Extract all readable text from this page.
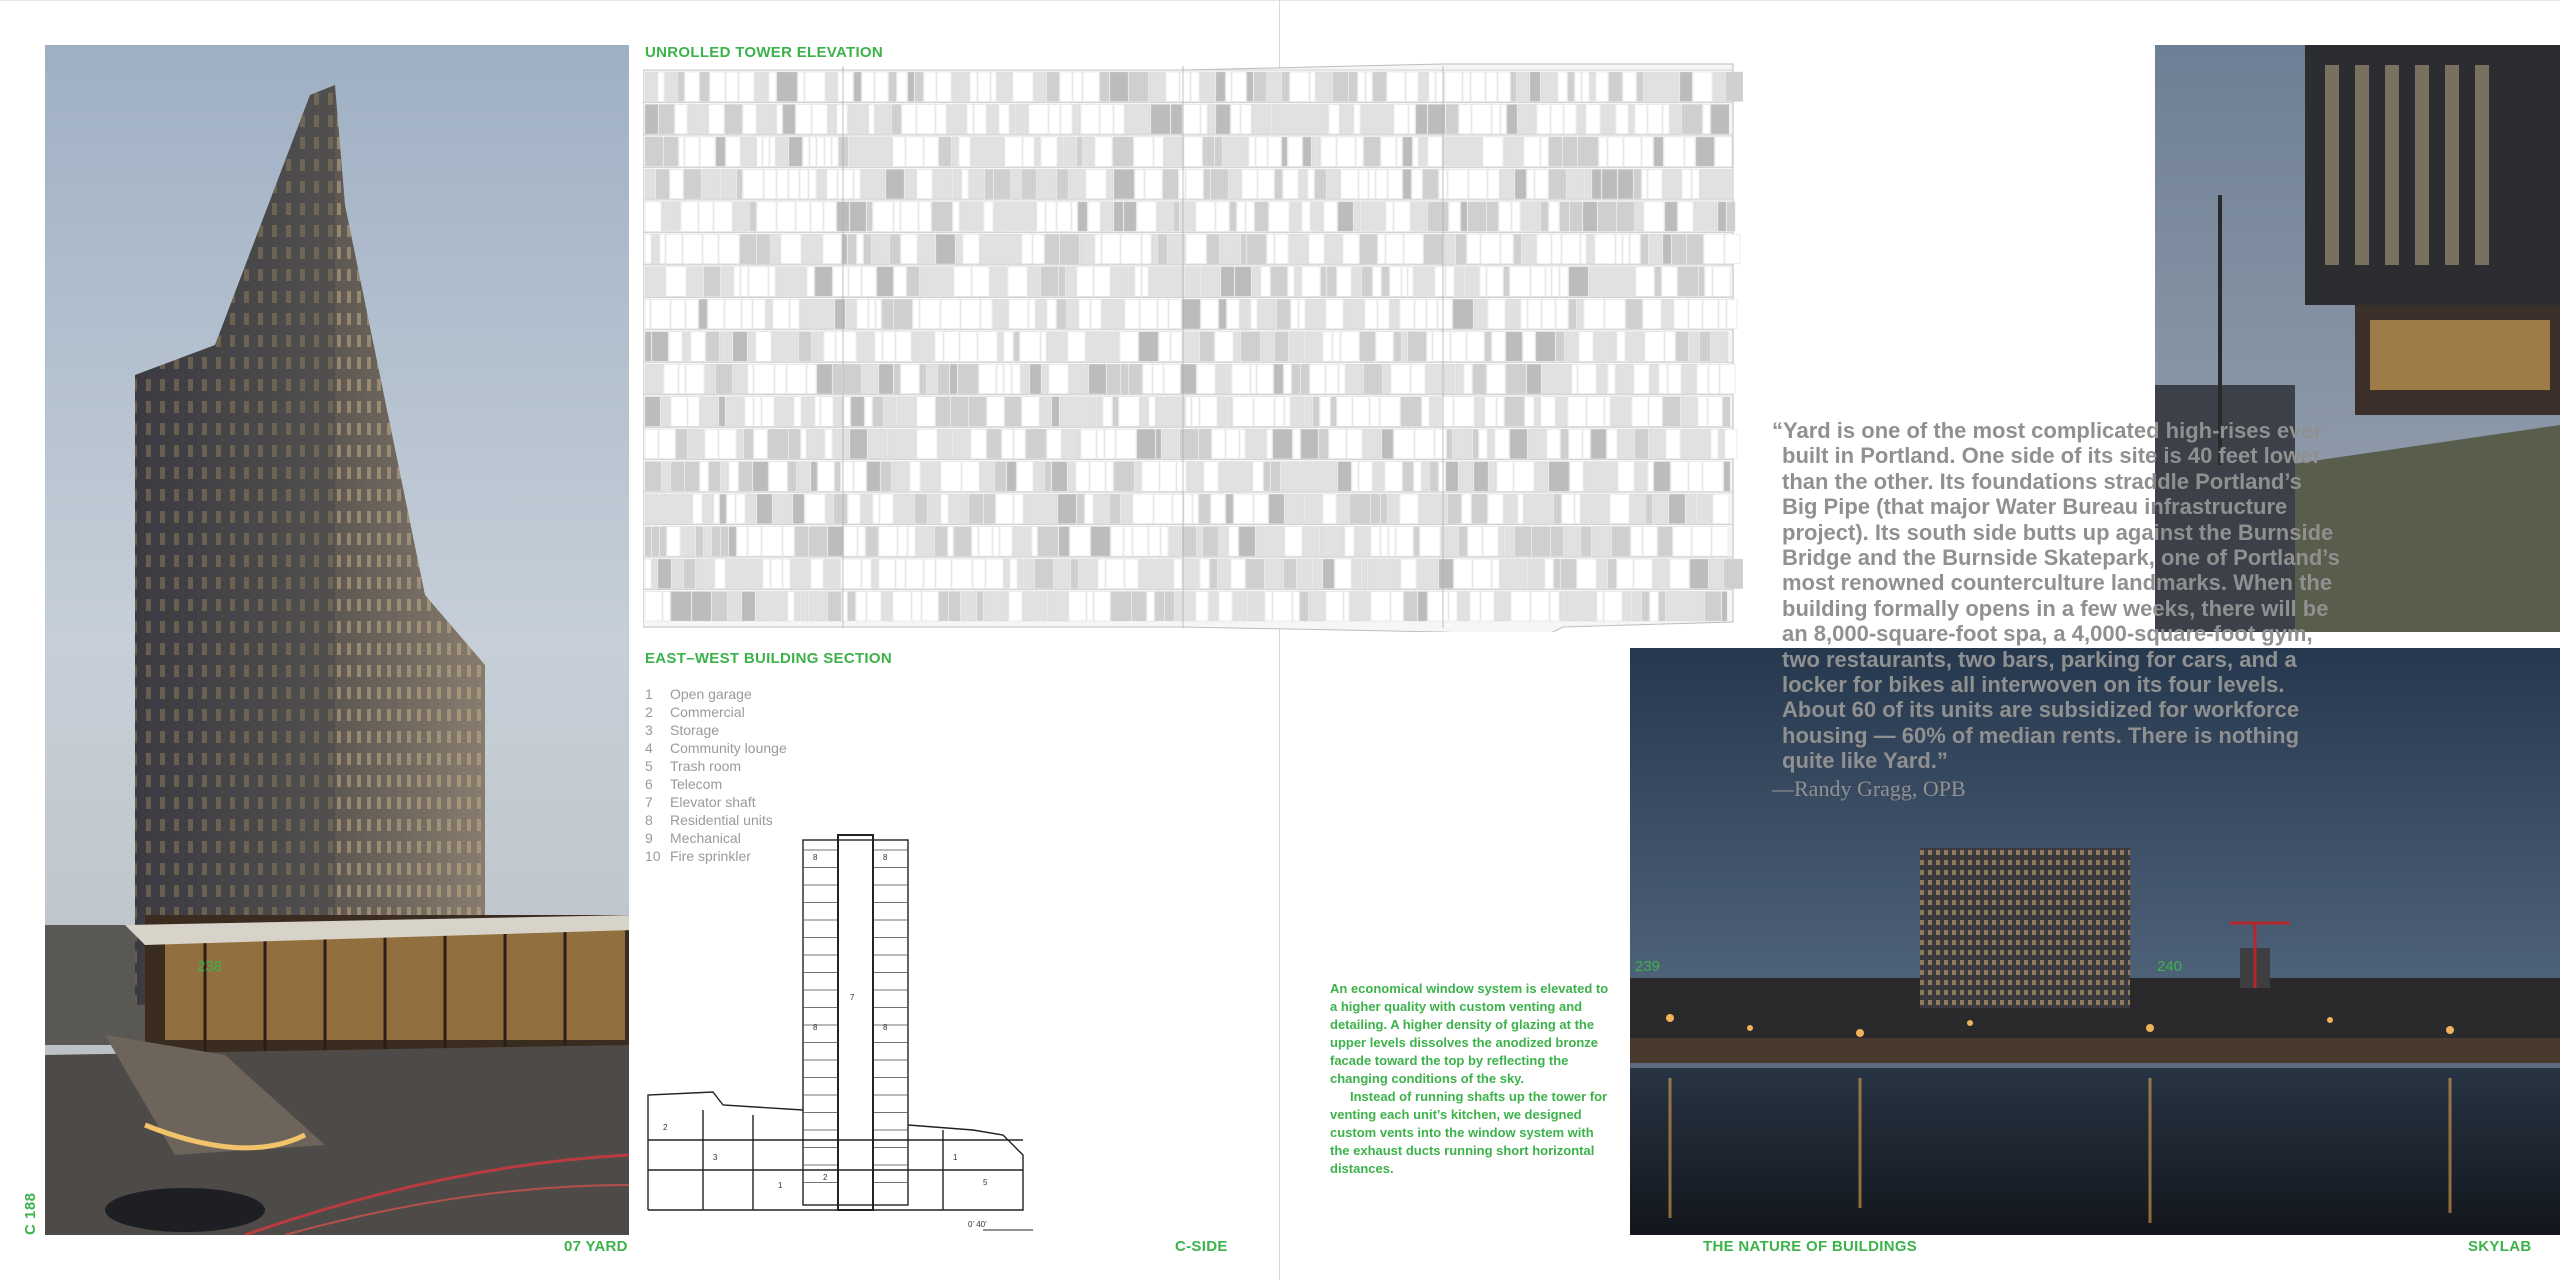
UNROLLED TOWER ELEVATION
EAST–WEST BUILDING SECTION
1	Open garage
2	Commercial
3	Storage
4	Community lounge
5	Trash room
6	Telecom
7	Elevator shaft
8	Residential units
9	Mechanical
10 Fire sprinkler	8	8
8	8
7
2
3
1
1
5
2
0' 40'
238	239	240

An economical window system is elevated to a higher quality with custom venting and detailing. A higher density of glazing at the upper levels dissolves the anodized bronze facade toward the top by reflecting the changing conditions of the sky.

Instead of running shafts up the tower for venting each unit’s kitchen, we designed custom vents into the window system with the exhaust ducts running short horizontal distances.

“Yard is one of the most complicated high-rises ever built in Portland. One side of its site is 40 feet lower than the other. Its foundations straddle Portland’s Big Pipe (that major Water Bureau infrastructure project). Its south side butts up against the Burnside Bridge and the Burnside Skatepark, one of Portland’s most renowned counterculture landmarks. When the building formally opens in a few weeks, there will be an 8,000-square-foot spa, a 4,000-square-foot gym, two restaurants, two bars, parking for cars, and a locker for bikes all interwoven on its four levels. About 60 of its units are subsidized for workforce housing — 60% of median rents. There is nothing quite like Yard.”
—Randy Gragg, OPB
C 188
07 YARD	C-SIDE	THE NATURE OF BUILDINGS	SKYLAB
